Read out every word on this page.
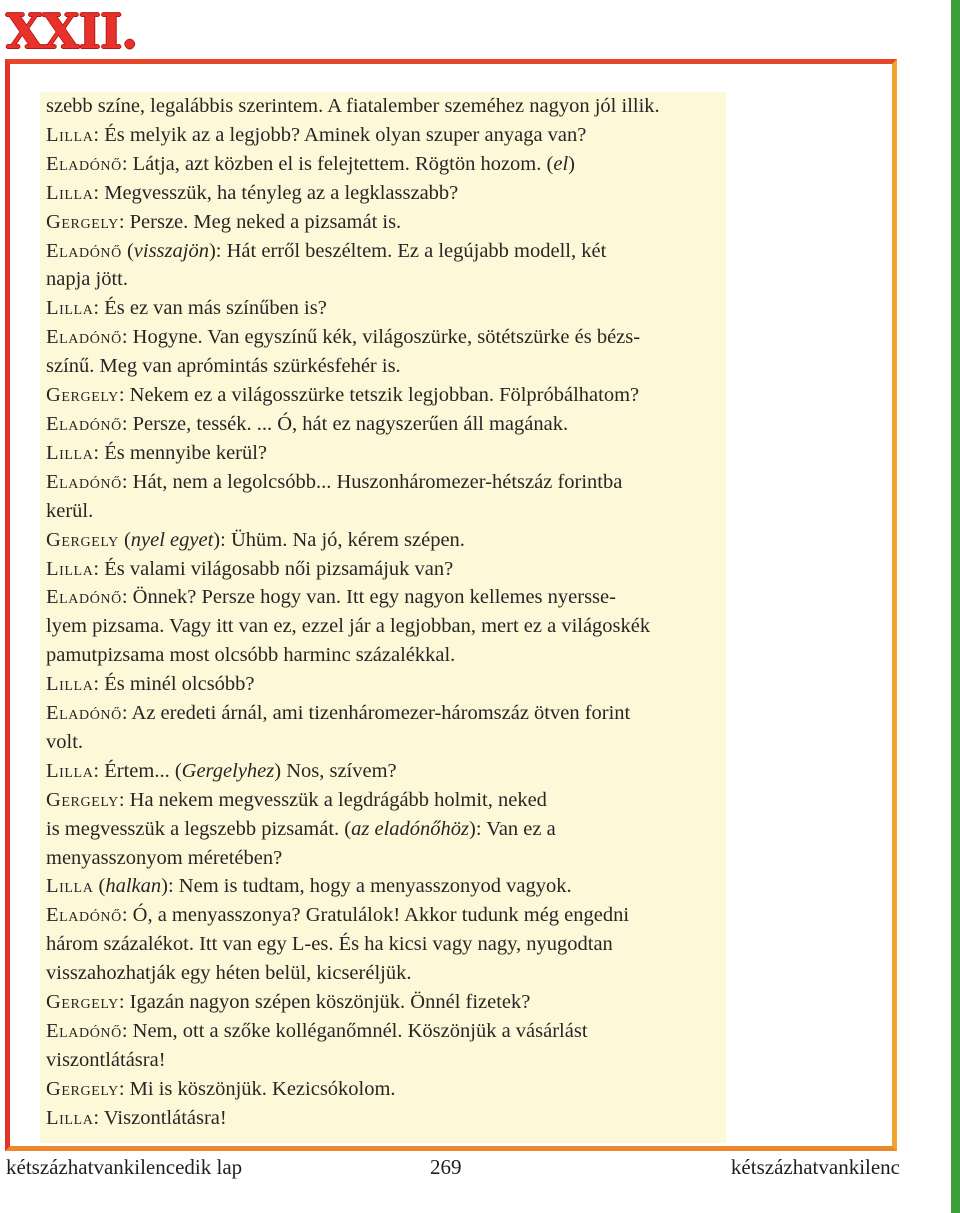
XXII.

szebb színe, legalábbis szerintem. A fiatalember szeméhez nagyon jól illik.

Lilla: És melyik az a legjobb? Aminek olyan szuper anyaga van?

Eladónő: Látja, azt közben el is felejtettem. Rögtön hozom. (el)

Lilla: Megvesszük, ha tényleg az a legklasszabb?

Gergely: Persze. Meg neked a pizsamát is.

Eladónő (visszajön): Hát erről beszéltem. Ez a legújabb modell, két

napja jött.

Lilla: És ez van más színűben is?

Eladónő: Hogyne. Van egyszínű kék, világoszürke, sötétszürke és bézs-

színű. Meg van aprómintás szürkésfehér is.

Gergely: Nekem ez a világosszürke tetszik legjobban. Fölpróbálhatom?

Eladónő: Persze, tessék. ... Ó, hát ez nagyszerűen áll magának.

Lilla: És mennyibe kerül?

Eladónő: Hát, nem a legolcsóbb... Huszonháromezer-hétszáz forintba

kerül.

Gergely (nyel egyet): Ühüm. Na jó, kérem szépen.

Lilla: És valami világosabb női pizsamájuk van?

Eladónő: Önnek? Persze hogy van. Itt egy nagyon kellemes nyersse-

lyem pizsama. Vagy itt van ez, ezzel jár a legjobban, mert ez a világoskék

pamutpizsama most olcsóbb harminc százalékkal.

Lilla: És minél olcsóbb?

Eladónő: Az eredeti árnál, ami tizenháromezer-háromszáz ötven forint

volt.

Lilla: Értem... (Gergelyhez) Nos, szívem?

Gergely: Ha nekem megvesszük a legdrágább holmit, neked

is megvesszük a legszebb pizsamát. (az eladónőhöz): Van ez a

menyasszonyom méretében?

Lilla (halkan): Nem is tudtam, hogy a menyasszonyod vagyok.

Eladónő: Ó, a menyasszonya? Gratulálok! Akkor tudunk még engedni

három százalékot. Itt van egy L-es. És ha kicsi vagy nagy, nyugodtan

visszahozhatják egy héten belül, kicseréljük.

Gergely: Igazán nagyon szépen köszönjük. Önnél fizetek?

Eladónő: Nem, ott a szőke kolléganőmnél. Köszönjük a vásárlást

viszontlátásra!

Gergely: Mi is köszönjük. Kezicsókolom.

Lilla: Viszontlátásra!

kétszázhatvankilencedik lap	269	kétszázhatvankilenc
